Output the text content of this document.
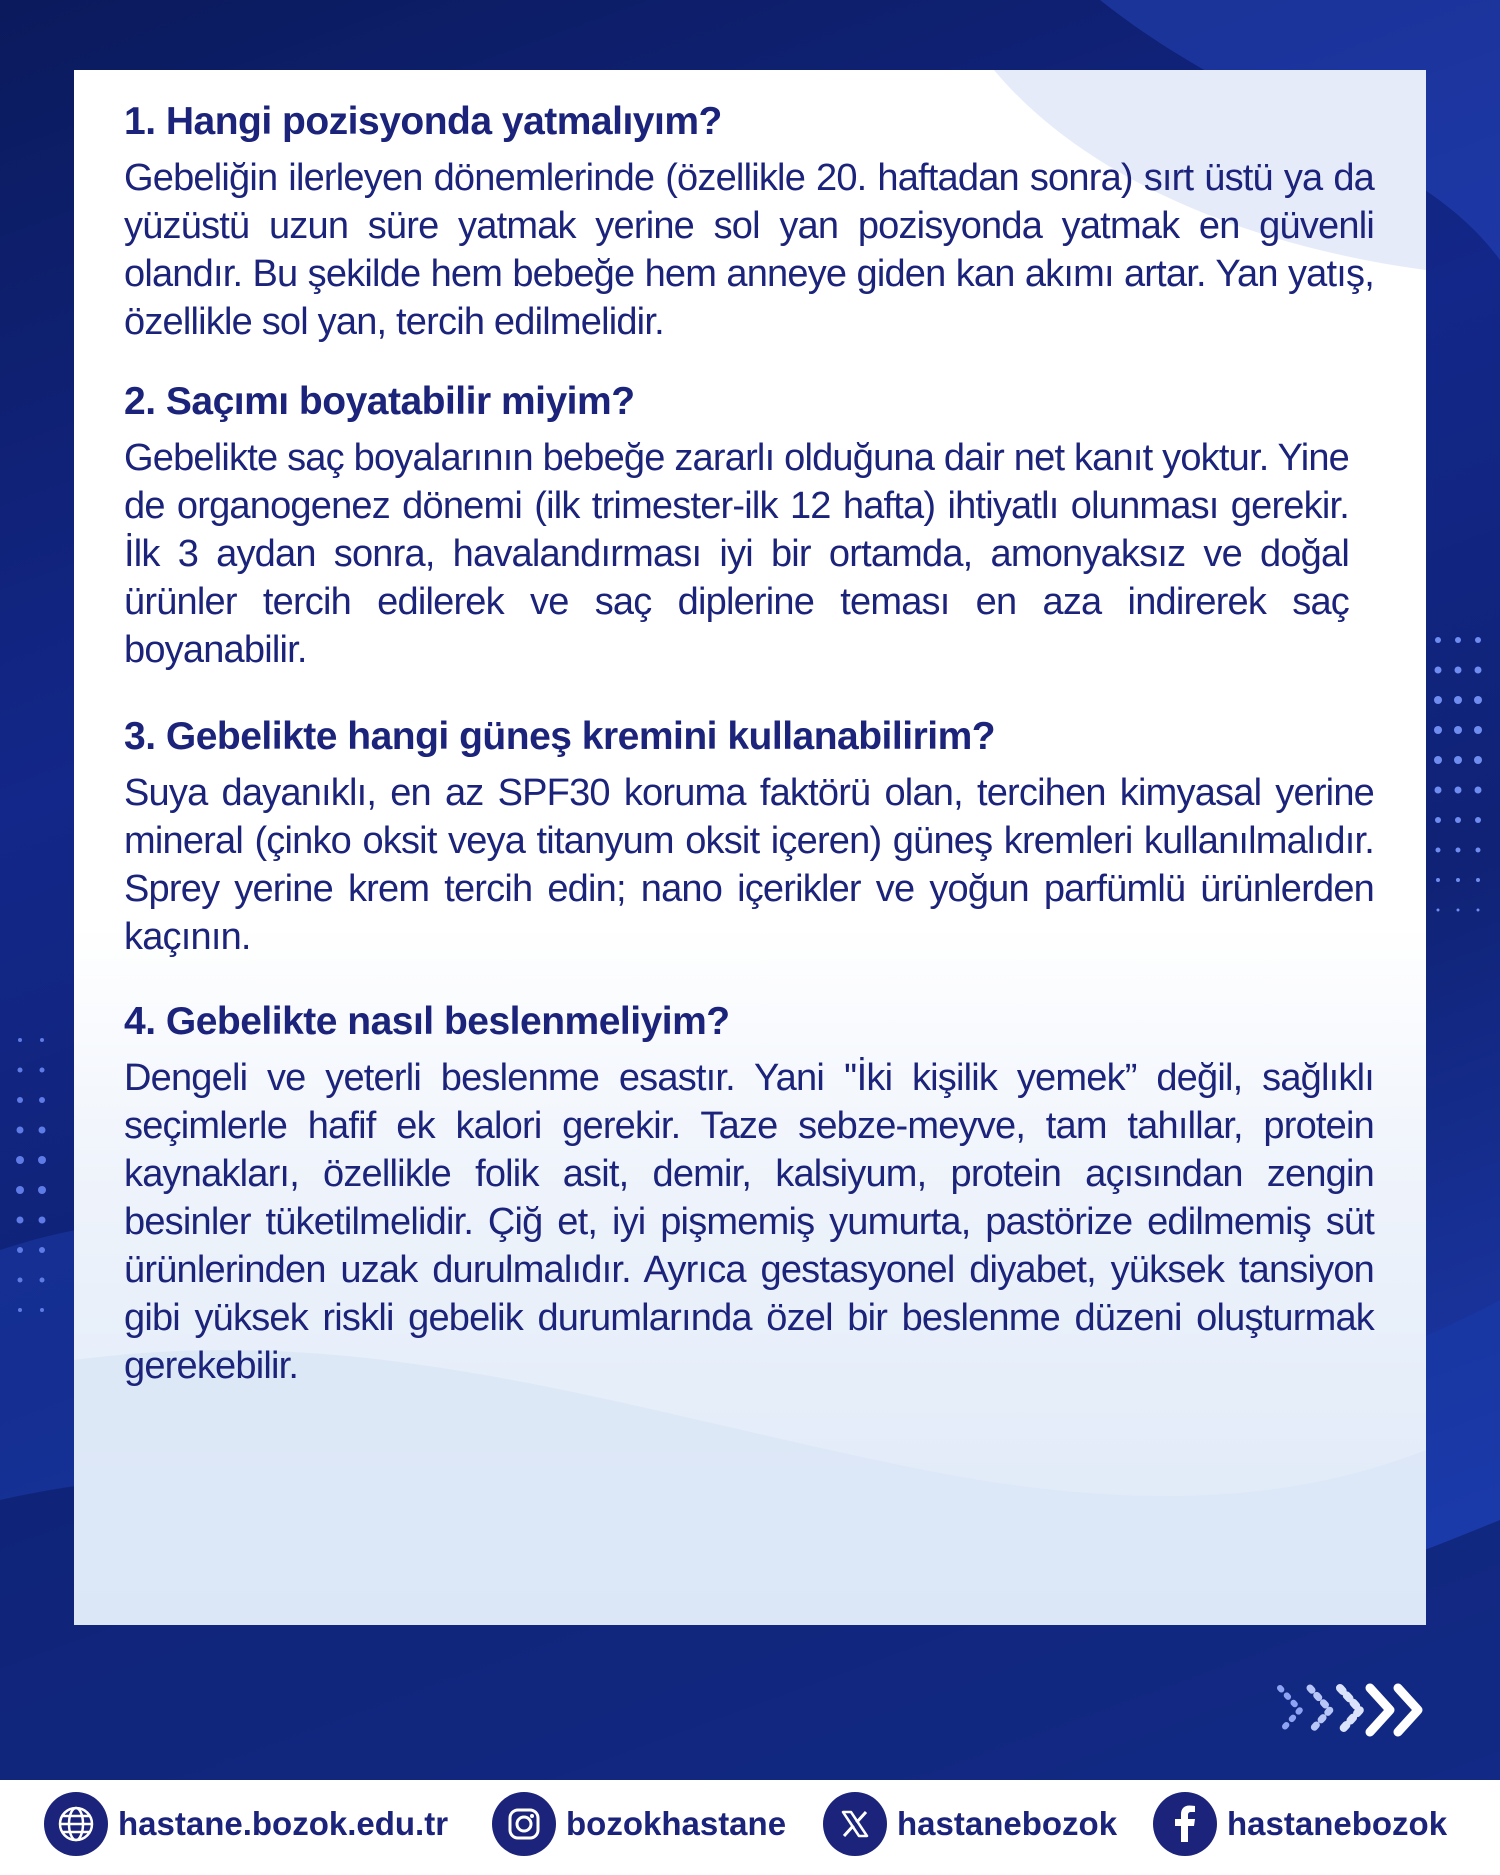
1. Hangi pozisyonda yatmalıyım?

Gebeliğin ilerleyen dönemlerinde (özellikle 20. haftadan sonra) sırt üstü ya da yüzüstü uzun süre yatmak yerine sol yan pozisyonda yatmak en güvenli olandır. Bu şekilde hem bebeğe hem anneye giden kan akımı artar. Yan yatış, özellikle sol yan, tercih edilmelidir.

2. Saçımı boyatabilir miyim?

Gebelikte saç boyalarının bebeğe zararlı olduğuna dair net kanıt yoktur. Yine de organogenez dönemi (ilk trimester-ilk 12 hafta) ihtiyatlı olunması gerekir. İlk 3 aydan sonra, havalandırması iyi bir ortamda, amonyaksız ve doğal ürünler tercih edilerek ve saç diplerine teması en aza indirerek saç boyanabilir.

3. Gebelikte hangi güneş kremini kullanabilirim?

Suya dayanıklı, en az SPF30 koruma faktörü olan, tercihen kimyasal yerine mineral (çinko oksit veya titanyum oksit içeren) güneş kremleri kullanılmalıdır. Sprey yerine krem tercih edin; nano içerikler ve yoğun parfümlü ürünlerden kaçının.

4. Gebelikte nasıl beslenmeliyim?

Dengeli ve yeterli beslenme esastır. Yani ''İki kişilik yemek” değil, sağlıklı seçimlerle hafif ek kalori gerekir. Taze sebze-meyve, tam tahıllar, protein kaynakları, özellikle folik asit, demir, kalsiyum, protein açısından zengin besinler tüketilmelidir. Çiğ et, iyi pişmemiş yumurta, pastörize edilmemiş süt ürünlerinden uzak durulmalıdır. Ayrıca gestasyonel diyabet, yüksek tansiyon gibi yüksek riskli gebelik durumlarında özel bir beslenme düzeni oluşturmak gerekebilir.

hastane.bozok.edu.tr	bozokhastane	hastanebozok	hastanebozok
